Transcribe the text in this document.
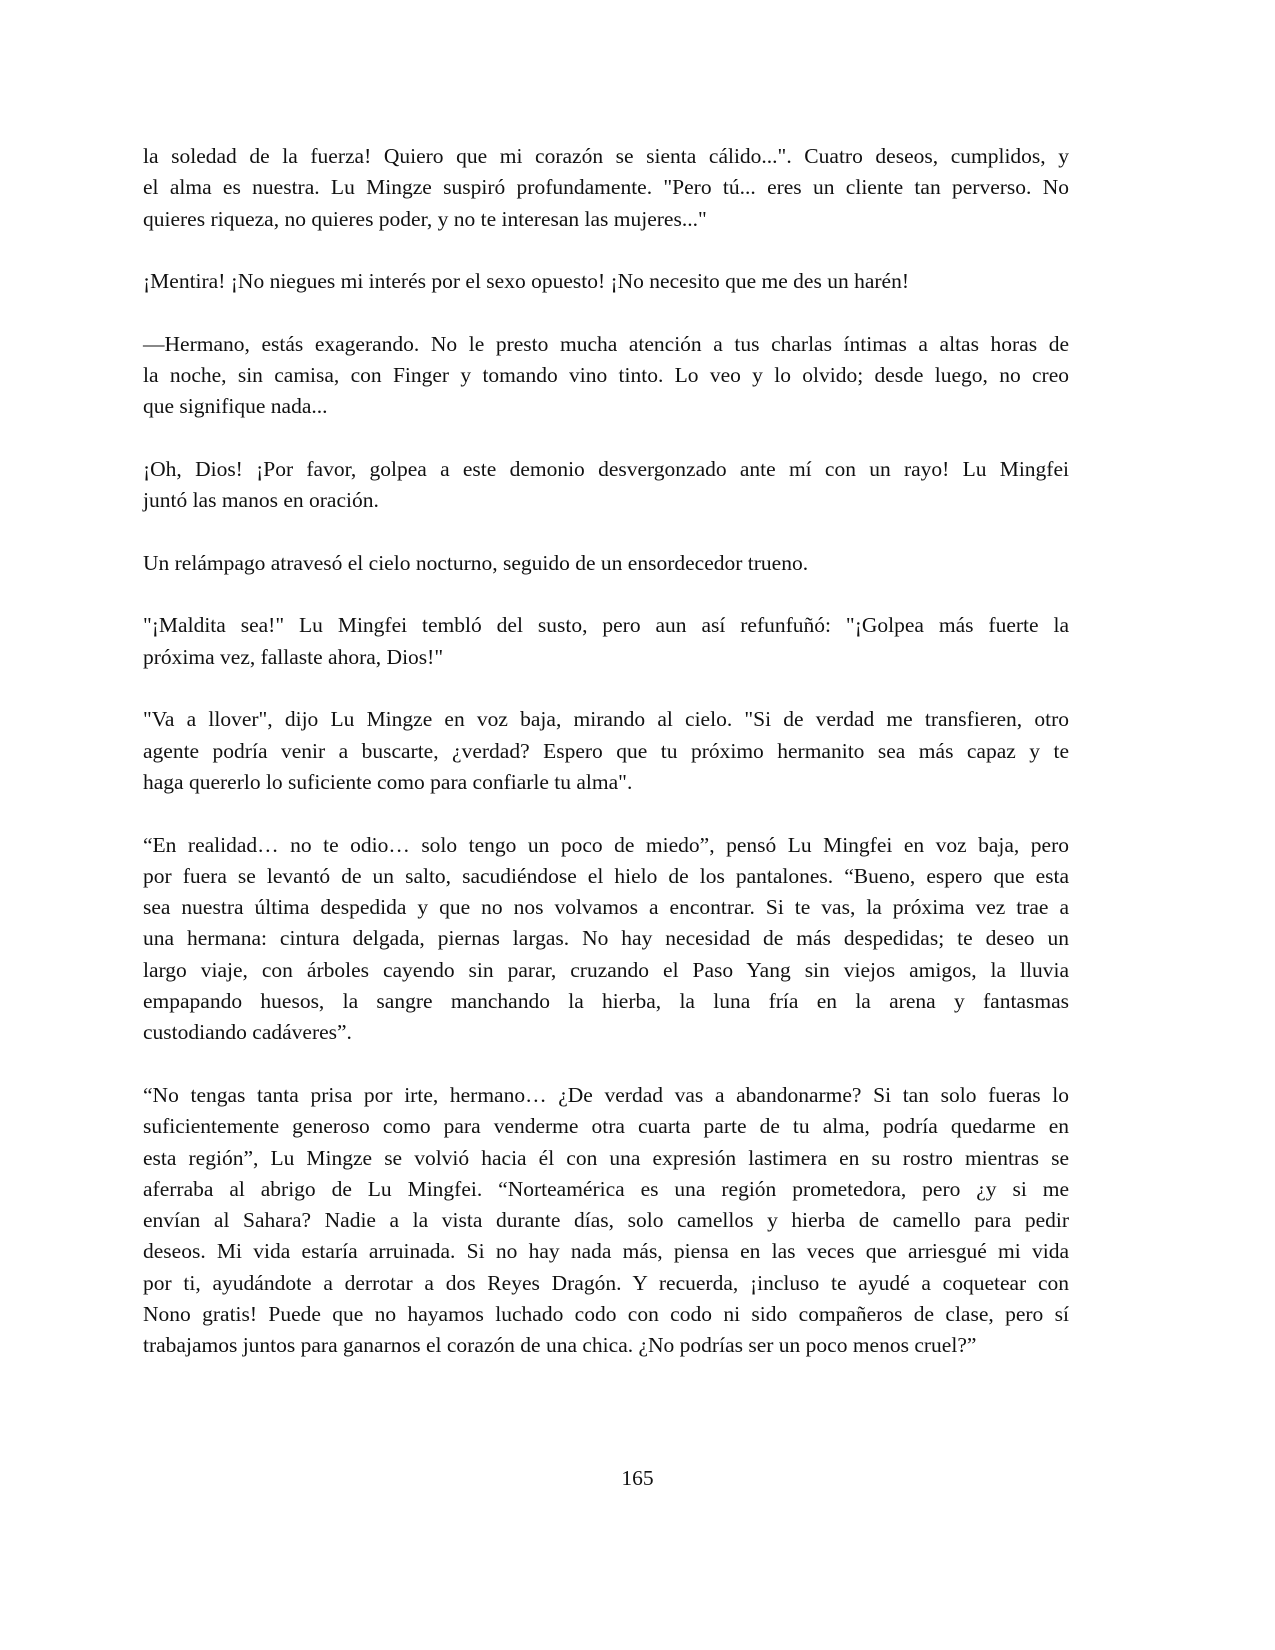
la soledad de la fuerza! Quiero que mi corazón se sienta cálido...". Cuatro deseos, cumplidos, y
el alma es nuestra. Lu Mingze suspiró profundamente. "Pero tú... eres un cliente tan perverso. No
quieres riqueza, no quieres poder, y no te interesan las mujeres..."

¡Mentira! ¡No niegues mi interés por el sexo opuesto! ¡No necesito que me des un harén!

—Hermano, estás exagerando. No le presto mucha atención a tus charlas íntimas a altas horas de
la noche, sin camisa, con Finger y tomando vino tinto. Lo veo y lo olvido; desde luego, no creo
que signifique nada...

¡Oh, Dios! ¡Por favor, golpea a este demonio desvergonzado ante mí con un rayo! Lu Mingfei
juntó las manos en oración.

Un relámpago atravesó el cielo nocturno, seguido de un ensordecedor trueno.

"¡Maldita sea!" Lu Mingfei tembló del susto, pero aun así refunfuñó: "¡Golpea más fuerte la
próxima vez, fallaste ahora, Dios!"

"Va a llover", dijo Lu Mingze en voz baja, mirando al cielo. "Si de verdad me transfieren, otro
agente podría venir a buscarte, ¿verdad? Espero que tu próximo hermanito sea más capaz y te
haga quererlo lo suficiente como para confiarle tu alma".

“En realidad… no te odio… solo tengo un poco de miedo”, pensó Lu Mingfei en voz baja, pero
por fuera se levantó de un salto, sacudiéndose el hielo de los pantalones. “Bueno, espero que esta
sea nuestra última despedida y que no nos volvamos a encontrar. Si te vas, la próxima vez trae a
una hermana: cintura delgada, piernas largas. No hay necesidad de más despedidas; te deseo un
largo viaje, con árboles cayendo sin parar, cruzando el Paso Yang sin viejos amigos, la lluvia
empapando huesos, la sangre manchando la hierba, la luna fría en la arena y fantasmas
custodiando cadáveres”.

“No tengas tanta prisa por irte, hermano… ¿De verdad vas a abandonarme? Si tan solo fueras lo
suficientemente generoso como para venderme otra cuarta parte de tu alma, podría quedarme en
esta región”, Lu Mingze se volvió hacia él con una expresión lastimera en su rostro mientras se
aferraba al abrigo de Lu Mingfei. “Norteamérica es una región prometedora, pero ¿y si me
envían al Sahara? Nadie a la vista durante días, solo camellos y hierba de camello para pedir
deseos. Mi vida estaría arruinada. Si no hay nada más, piensa en las veces que arriesgué mi vida
por ti, ayudándote a derrotar a dos Reyes Dragón. Y recuerda, ¡incluso te ayudé a coquetear con
Nono gratis! Puede que no hayamos luchado codo con codo ni sido compañeros de clase, pero sí
trabajamos juntos para ganarnos el corazón de una chica. ¿No podrías ser un poco menos cruel?”

165
